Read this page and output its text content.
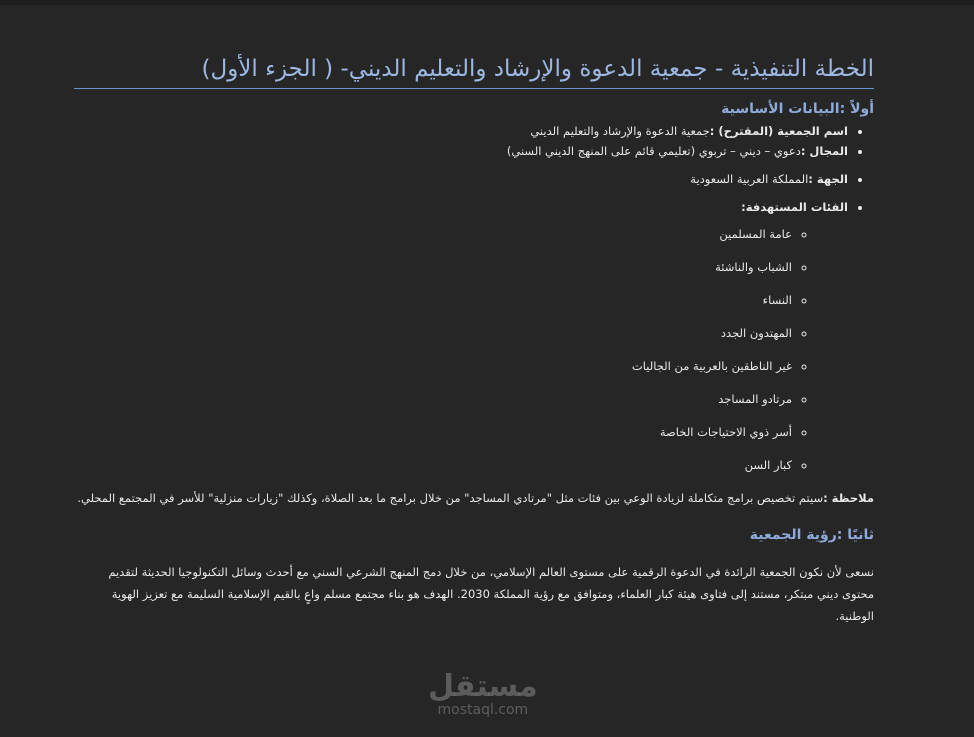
الخطة التنفيذية - جمعية الدعوة والإرشاد والتعليم الديني- ( الجزء الأول)
أولاً :البيانات الأساسية
• اسم الجمعية (المقترح) :جمعية الدعوة والإرشاد والتعليم الديني
• المجال :دعوي – ديني – تربوي (تعليمي قائم على المنهج الديني السني)
• الجهة :المملكة العربية السعودية
• الفئات المستهدفة:
◦ عامة المسلمين
◦ الشباب والناشئة
◦ النساء
◦ المهتدون الجدد
◦ غير الناطقين بالعربية من الجاليات
◦ مرتادو المساجد
◦ أسر ذوي الاحتياجات الخاصة
◦ كبار السن

ملاحظة :سيتم تخصيص برامج متكاملة لزيادة الوعي بين فئات مثل "مرتادي المساجد" من خلال برامج ما بعد الصلاة، وكذلك "زيارات منزلية" للأسر في المجتمع المحلي.

ثانيًا :رؤية الجمعية

نسعى لأن نكون الجمعية الرائدة في الدعوة الرقمية على مستوى العالم الإسلامي، من خلال دمج المنهج الشرعي السني مع أحدث وسائل التكنولوجيا الحديثة لتقديم محتوى ديني مبتكر، مستند إلى فتاوى هيئة كبار العلماء، ومتوافق مع رؤية المملكة 2030. الهدف هو بناء مجتمع مسلم واعٍ بالقيم الإسلامية السليمة مع تعزيز الهوية الوطنية.

مستقل
mostaql.com
